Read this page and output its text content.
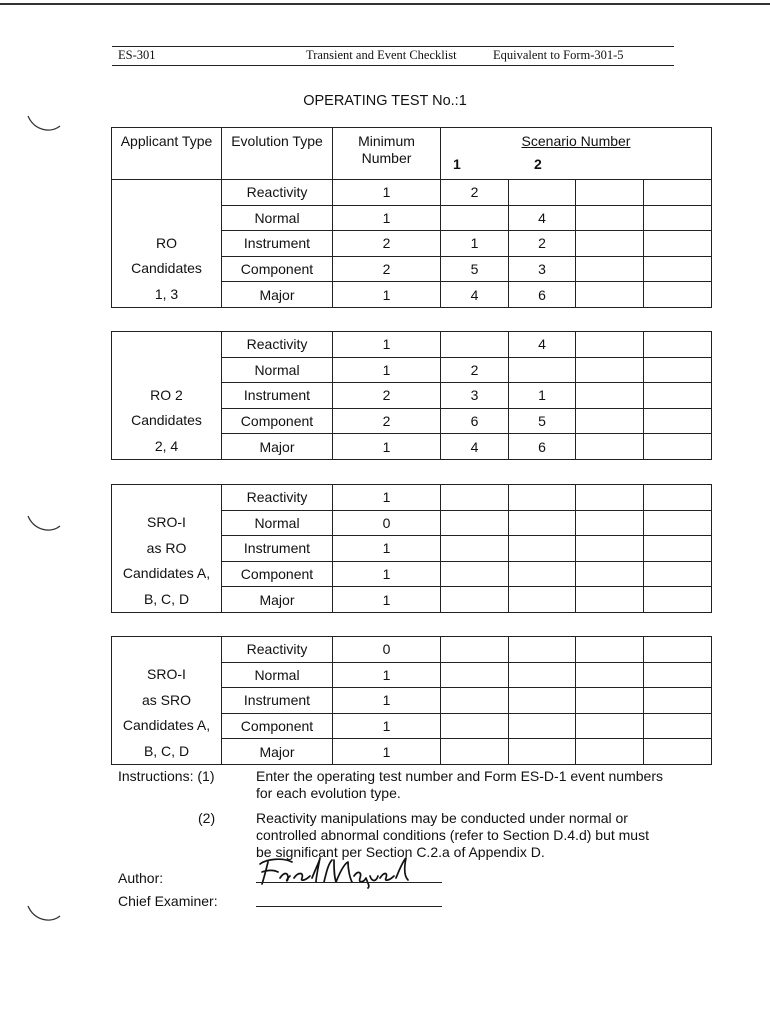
ES-301	Transient and Event Checklist	Equivalent to Form-301-5
OPERATING TEST No.:1
Applicant Type	Evolution Type	Minimum Number	Scenario Number
1 2			

RO
Candidates
1, 3	Reactivity	1	2			
	Normal	1		4		
	Instrument	2	1	2		
	Component	2	5	3		
	Major	1	4	6		
RO 2
Candidates
2, 4	Reactivity	1		4		
	Normal	1	2			
	Instrument	2	3	1		
	Component	2	6	5		
	Major	1	4	6		
SRO-I
as RO
Candidates A,
B, C, D	Reactivity	1				
	Normal	0				
	Instrument	1				
	Component	1				
	Major	1				
SRO-I
as SRO
Candidates A,
B, C, D	Reactivity	0				
	Normal	1				
	Instrument	1				
	Component	1				
	Major	1				
Instructions: (1)	Enter the operating test number and Form ES-D-1 event numbers
for each evolution type.
(2)	Reactivity manipulations may be conducted under normal or
controlled abnormal conditions (refer to Section D.4.d) but must
be significant per Section C.2.a of Appendix D.
Author:
Chief Examiner:
